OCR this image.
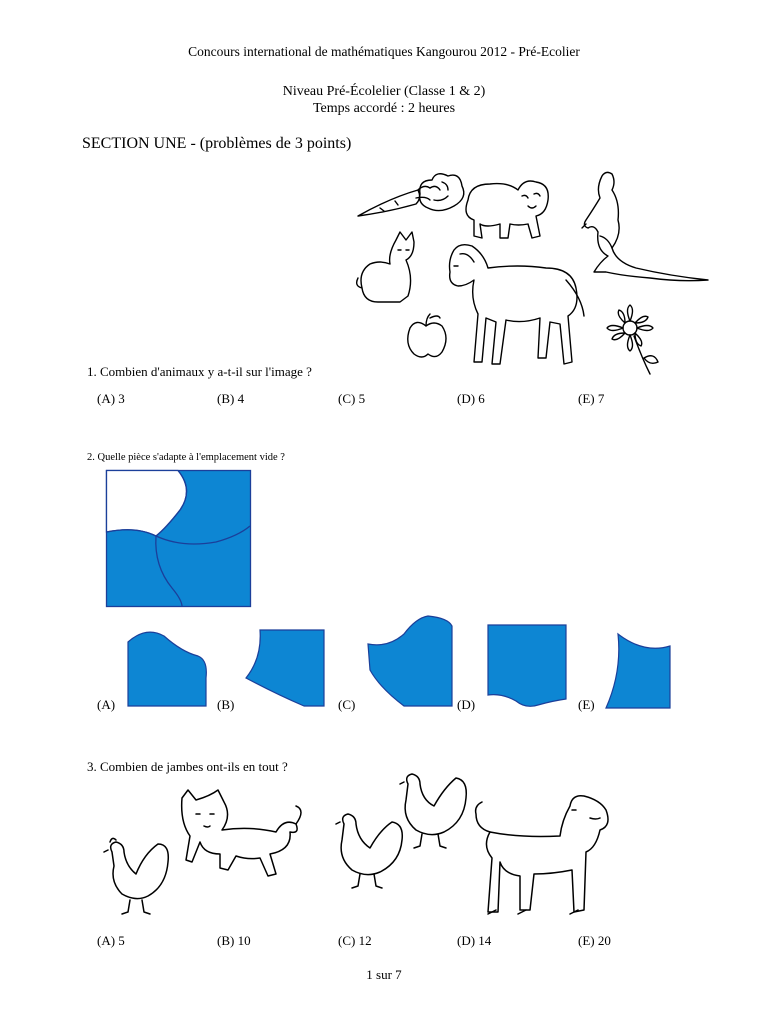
Concours international de mathématiques Kangourou 2012 - Pré-Ecolier
Niveau Pré-Écolelier (Classe 1 & 2)
Temps accordé : 2 heures
SECTION UNE - (problèmes de 3 points)
1. Combien d'animaux y a-t-il sur l'image ?
(A) 3	(B) 4	(C) 5	(D) 6	(E) 7
2. Quelle pièce s'adapte à l'emplacement vide ?
(A)	(B)	(C)	(D)	(E)
3. Combien de jambes ont-ils en tout ?
(A) 5	(B) 10	(C) 12	(D) 14	(E) 20
1 sur 7
